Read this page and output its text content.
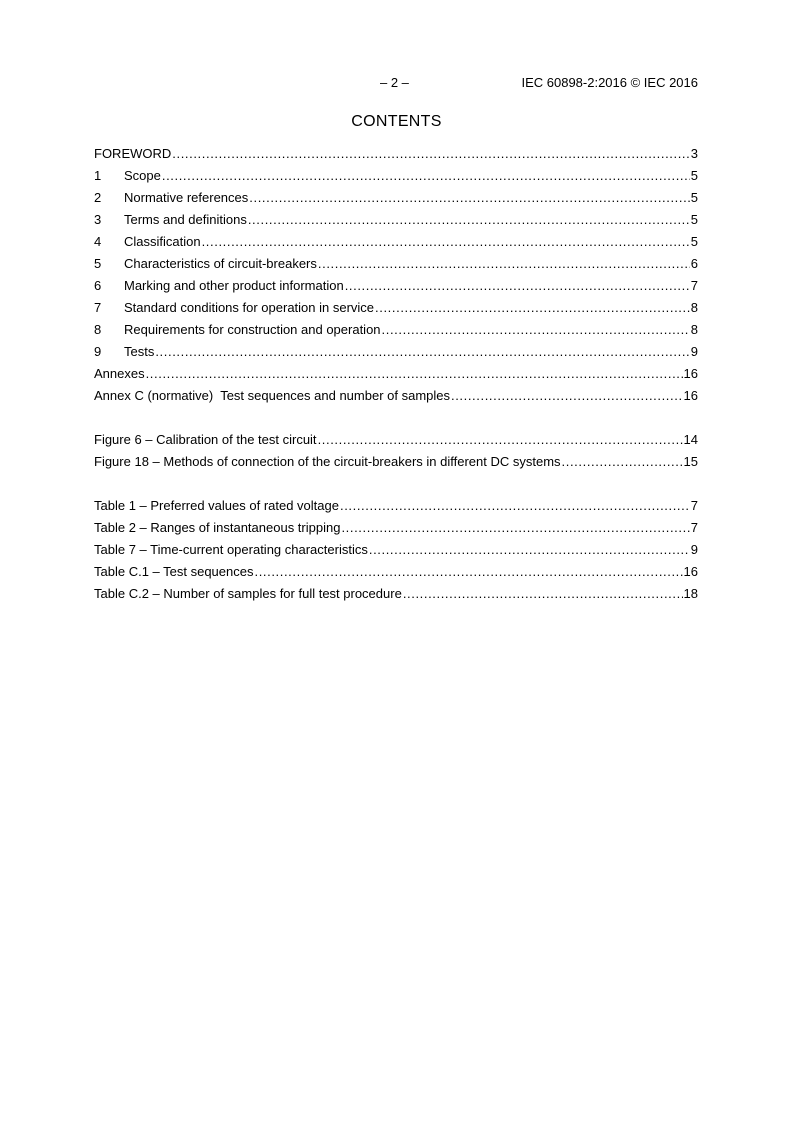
– 2 –	IEC 60898-2:2016 © IEC 2016
CONTENTS
FOREWORD .....	3
1	Scope .....	5
2	Normative references .....	5
3	Terms and definitions .....	5
4	Classification .....	5
5	Characteristics of circuit-breakers .....	6
6	Marking and other product information .....	7
7	Standard conditions for operation in service .....	8
8	Requirements for construction and operation .....	8
9	Tests .....	9
Annexes .....	16
Annex C (normative)  Test sequences and number of samples .....	16
Figure 6 – Calibration of the test circuit .....	14
Figure 18 – Methods of connection of the circuit-breakers in different DC systems .....	15
Table 1 – Preferred values of rated voltage .....	7
Table 2 – Ranges of instantaneous tripping .....	7
Table 7 – Time-current operating characteristics .....	9
Table C.1 – Test sequences .....	16
Table C.2 – Number of samples for full test procedure .....	18
